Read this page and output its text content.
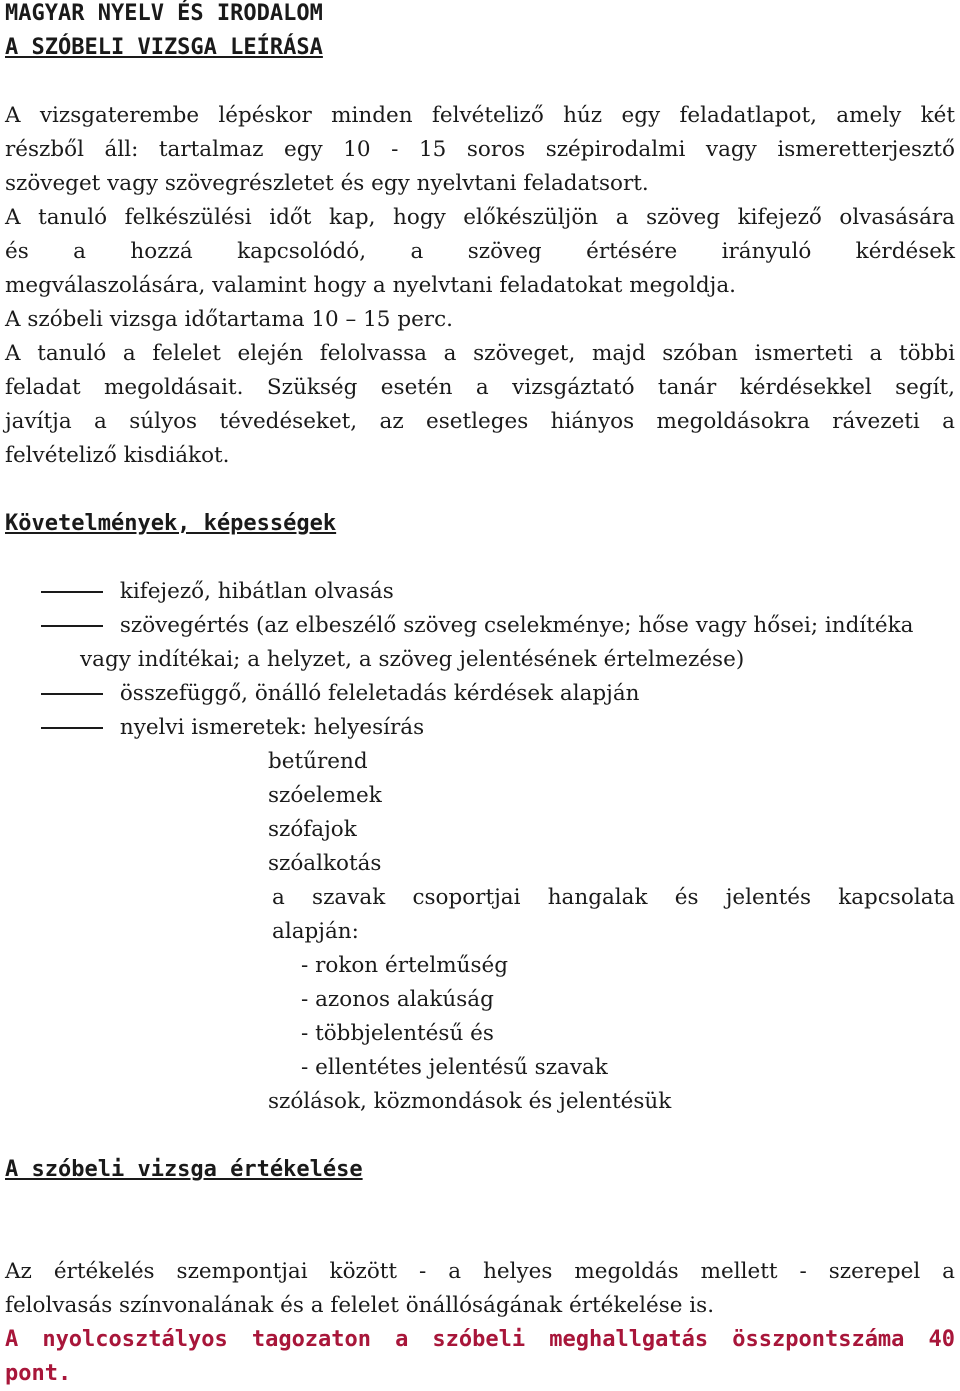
MAGYAR NYELV ÉS IRODALOM
A SZÓBELI VIZSGA LEÍRÁSA
A vizsgaterembe lépéskor minden felvételiző húz egy feladatlapot, amely két
részből áll: tartalmaz egy 10 - 15 soros szépirodalmi vagy ismeretterjesztő
szöveget vagy szövegrészletet és egy nyelvtani feladatsort.
A tanuló felkészülési időt kap, hogy előkészüljön a szöveg kifejező olvasására
és a hozzá kapcsolódó, a szöveg értésére irányuló kérdések
megválaszolására, valamint hogy a nyelvtani feladatokat megoldja.
A szóbeli vizsga időtartama 10 – 15 perc.
A tanuló a felelet elején felolvassa a szöveget, majd szóban ismerteti a többi
feladat megoldásait. Szükség esetén a vizsgáztató tanár kérdésekkel segít,
javítja a súlyos tévedéseket, az esetleges hiányos megoldásokra rávezeti a
felvételiző kisdiákot.
Követelmények, képességek
kifejező, hibátlan olvasás
szövegértés (az elbeszélő szöveg cselekménye; hőse vagy hősei; indítéka
vagy indítékai; a helyzet, a szöveg jelentésének értelmezése)
összefüggő, önálló feleletadás kérdések alapján
nyelvi ismeretek: helyesírás
betűrend
szóelemek
szófajok
szóalkotás
a szavak csoportjai hangalak és jelentés kapcsolata
alapján:
- rokon értelműség
- azonos alakúság
- többjelentésű és
- ellentétes jelentésű szavak
szólások, közmondások és jelentésük
A szóbeli vizsga értékelése
Az értékelés szempontjai között - a helyes megoldás mellett - szerepel a
felolvasás színvonalának és a felelet önállóságának értékelése is.
A nyolcosztályos tagozaton a szóbeli meghallgatás összpontszáma 40
pont.
